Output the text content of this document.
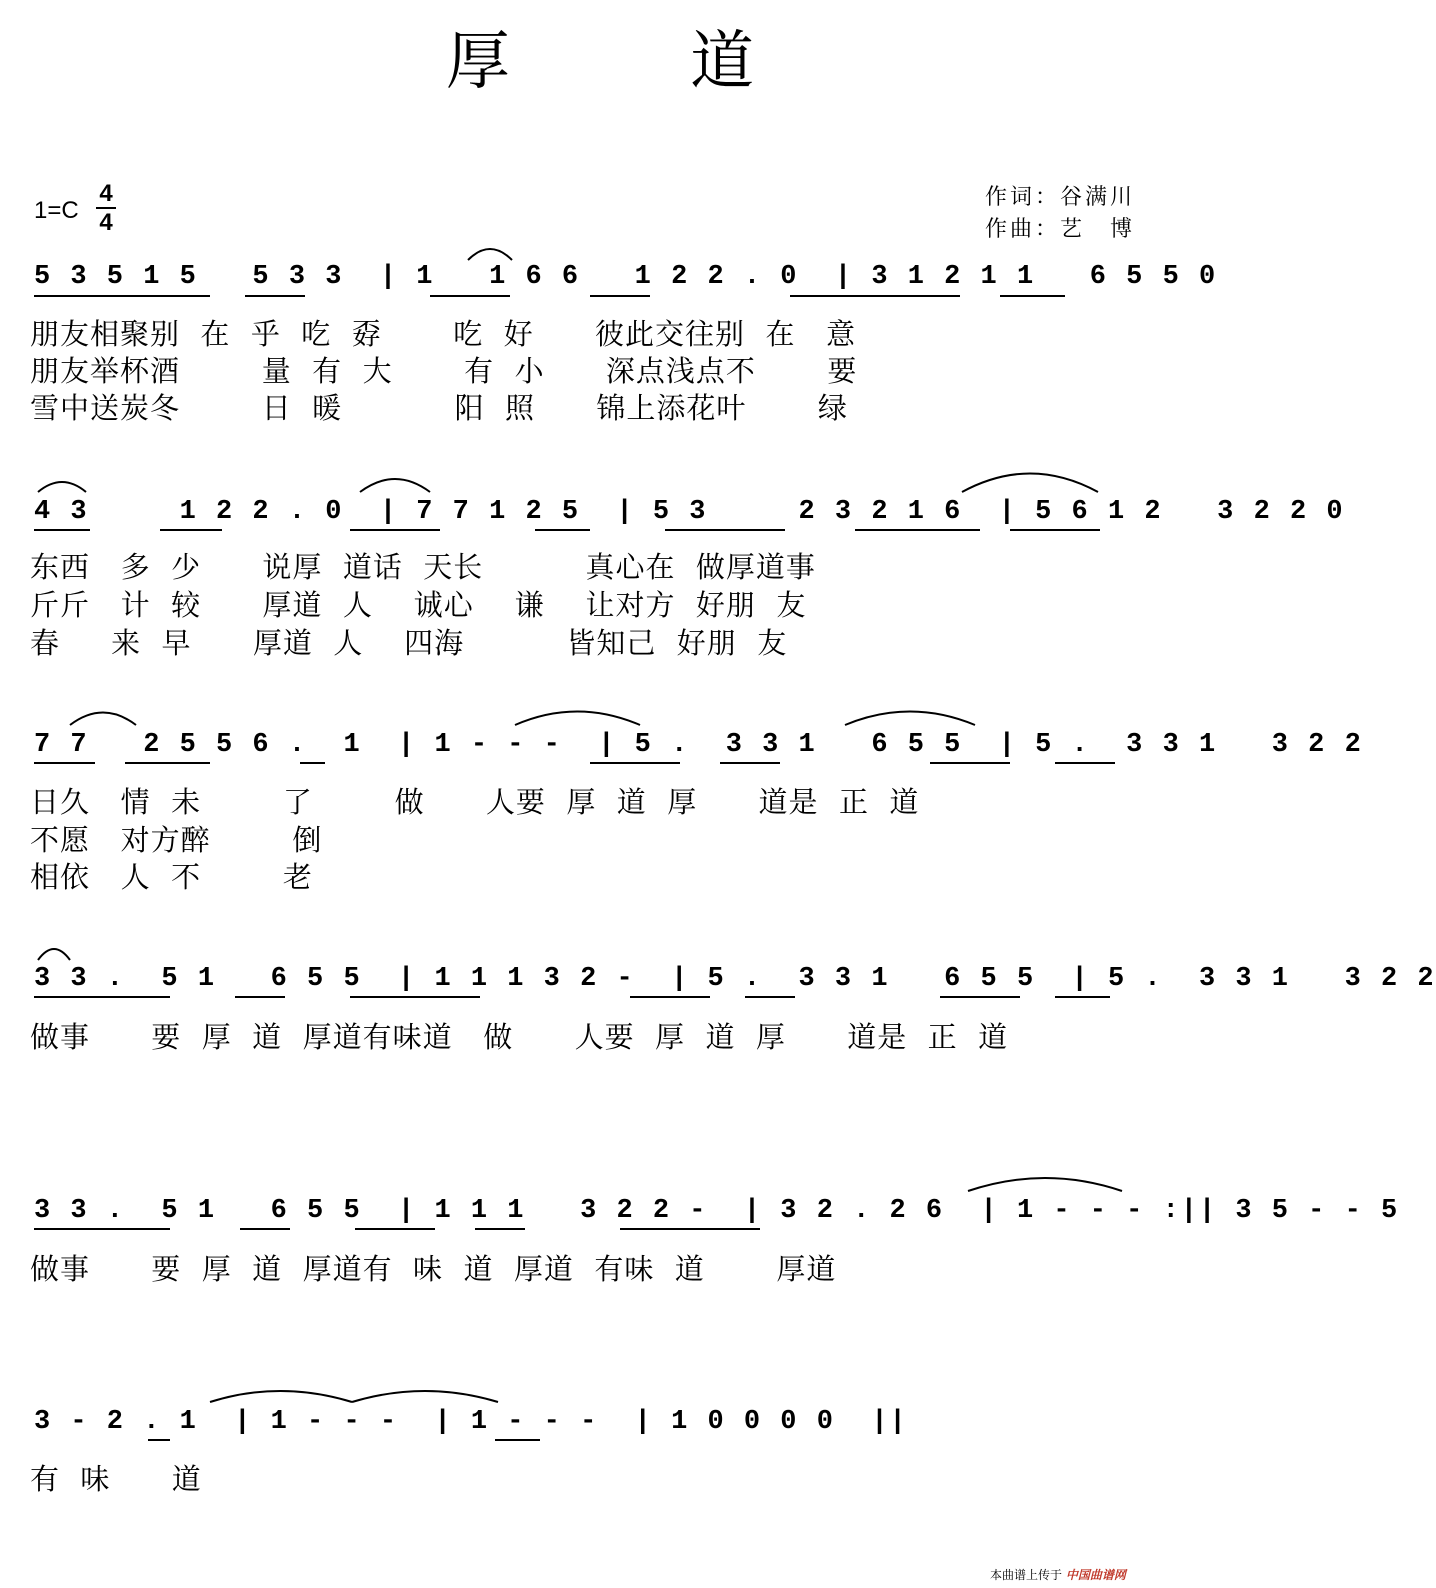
厚 道
1=C
4
4
作词：谷满川
作曲：艺　博
5 3 5 1 5   5 3 3  | 1   1 6 6   1 2 2 . 0  | 3 1 2 1 1   6 5 5 0
朋友相聚别  在  乎  吃  孬       吃  好      彼此交往别  在   意
朋友举杯酒        量  有  大       有  小      深点浅点不       要
雪中送炭冬        日  暖           阳  照      锦上添花叶       绿
4 3     1 2 2 . 0  | 7 7 1 2 5  | 5 3     2 3 2 1 6  | 5 6 1 2   3 2 2 0
东西   多  少      说厚  道话  天长          真心在  做厚道事
斤斤   计  较      厚道  人    诚心    谦    让对方  好朋  友
春     来  早      厚道  人    四海          皆知己  好朋  友
7 7   2 5 5 6 .  1  | 1 - - -  | 5 .  3 3 1   6 5 5  | 5 .  3 3 1   3 2 2
日久   情  未        了        做      人要  厚  道  厚      道是  正  道
不愿   对方醉        倒
相依   人  不        老
3 3 .  5 1   6 5 5  | 1 1 1 3 2 -  | 5 .  3 3 1   6 5 5  | 5 .  3 3 1   3 2 2
做事      要  厚  道  厚道有味道   做      人要  厚  道  厚      道是  正  道
3 3 .  5 1   6 5 5  | 1 1 1   3 2 2 -  | 3 2 . 2 6  | 1 - - - :|| 3 5 - - 5
做事      要  厚  道  厚道有  味  道  厚道  有味  道       厚道
3 - 2 . 1  | 1 - - -  | 1 - - -  | 1 0 0 0 0  ||
有  味      道
本曲谱上传于 中国曲谱网
